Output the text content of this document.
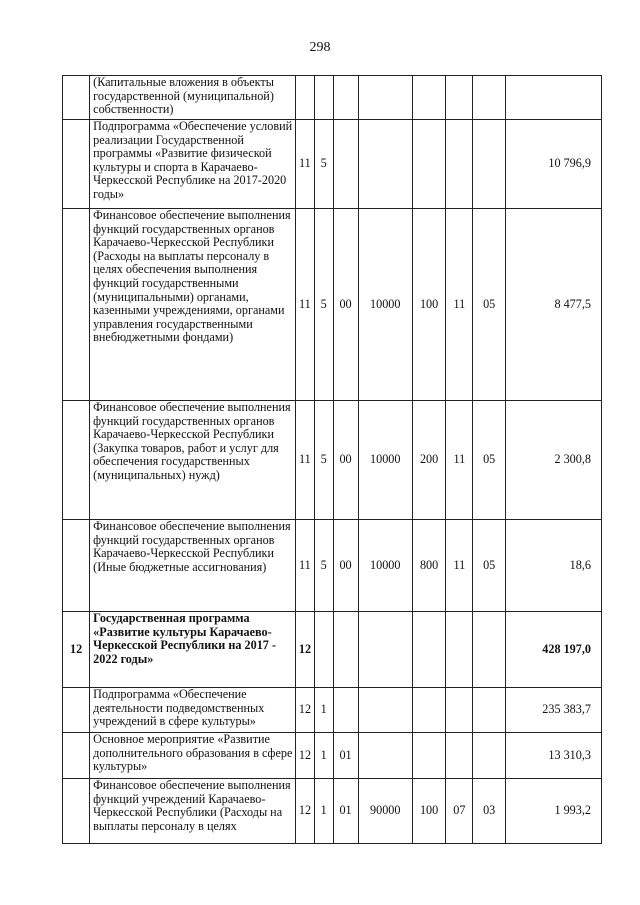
298
	(Капитальные вложения в объекты государственной (муниципальной) собственности)								
	Подпрограмма «Обеспечение условий реализации Государственной программы «Развитие физической культуры и спорта в Карачаево-Черкесской Республике на 2017-2020 годы»	11	5						10 796,9
	Финансовое обеспечение выполнения функций государственных органов Карачаево-Черкесской Республики (Расходы на выплаты персоналу в целях обеспечения выполнения функций государственными (муниципальными) органами, казенными учреждениями, органами управления государственными внебюджетными фондами)	11	5	00	10000	100	11	05	8 477,5
	Финансовое обеспечение выполнения функций государственных органов Карачаево-Черкесской Республики (Закупка товаров, работ и услуг для обеспечения государственных (муниципальных) нужд)	11	5	00	10000	200	11	05	2 300,8
	Финансовое обеспечение выполнения функций государственных органов Карачаево-Черкесской Республики (Иные бюджетные ассигнования)	11	5	00	10000	800	11	05	18,6
12	Государственная программа «Развитие культуры Карачаево-Черкесской Республики на 2017 - 2022 годы»	12							428 197,0
	Подпрограмма «Обеспечение деятельности подведомственных учреждений в сфере культуры»	12	1						235 383,7
	Основное мероприятие «Развитие дополнительного образования в сфере культуры»	12	1	01					13 310,3
	Финансовое обеспечение выполнения функций учреждений Карачаево-Черкесской Республики (Расходы на выплаты персоналу в целях	12	1	01	90000	100	07	03	1 993,2
